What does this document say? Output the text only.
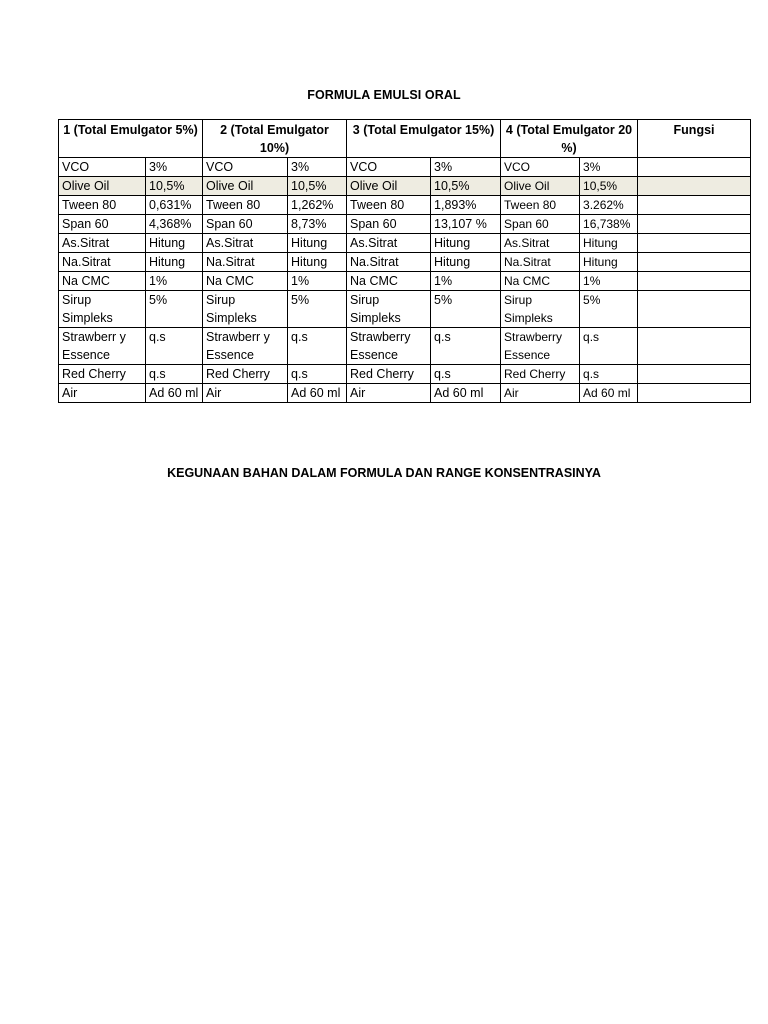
FORMULA EMULSI ORAL
1 (Total Emulgator 5%)		2 (Total Emulgator 10%)		3 (Total Emulgator 15%)		4 (Total Emulgator 20 %)		Fungsi
VCO	3%	VCO	3%	VCO	3%	VCO	3%	
Olive Oil	10,5%	Olive Oil	10,5%	Olive Oil	10,5%	Olive Oil	10,5%	
Tween 80	0,631%	Tween 80	1,262%	Tween 80	1,893%	Tween 80	3.262%	
Span 60	4,368%	Span 60	8,73%	Span 60	13,107 %	Span 60	16,738%	
As.Sitrat	Hitung	As.Sitrat	Hitung	As.Sitrat	Hitung	As.Sitrat	Hitung	
Na.Sitrat	Hitung	Na.Sitrat	Hitung	Na.Sitrat	Hitung	Na.Sitrat	Hitung	
Na CMC	1%	Na CMC	1%	Na CMC	1%	Na CMC	1%	
Sirup Simpleks	5%	Sirup Simpleks	5%	Sirup Simpleks	5%	Sirup Simpleks	5%	
Strawberr y Essence	q.s	Strawberr y Essence	q.s	Strawberry Essence	q.s	Strawberry Essence	q.s	
Red Cherry	q.s	Red Cherry	q.s	Red Cherry	q.s	Red Cherry	q.s	
Air	Ad 60 ml	Air	Ad 60 ml	Air	Ad 60 ml	Air	Ad 60 ml	
KEGUNAAN BAHAN DALAM FORMULA DAN RANGE KONSENTRASINYA
